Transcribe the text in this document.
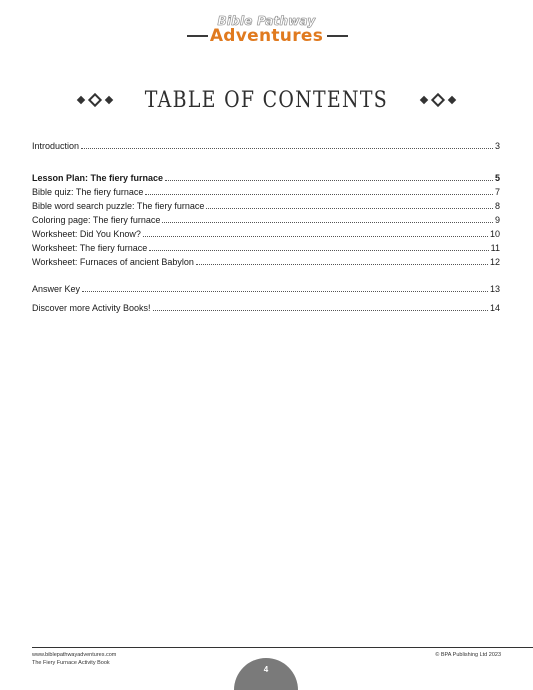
Bible Pathway
Adventures
TABLE OF CONTENTS
Introduction	3
Lesson Plan: The fiery furnace	5
Bible quiz: The fiery furnace	7
Bible word search puzzle: The fiery furnace	8
Coloring page: The fiery furnace	9
Worksheet: Did You Know?	10
Worksheet: The fiery furnace	11
Worksheet: Furnaces of ancient Babylon	12
Answer Key	13
Discover more Activity Books!	14
www.biblepathwayadventures.com
The Fiery Furnace Activity Book
© BPA Publishing Ltd 2023
4
